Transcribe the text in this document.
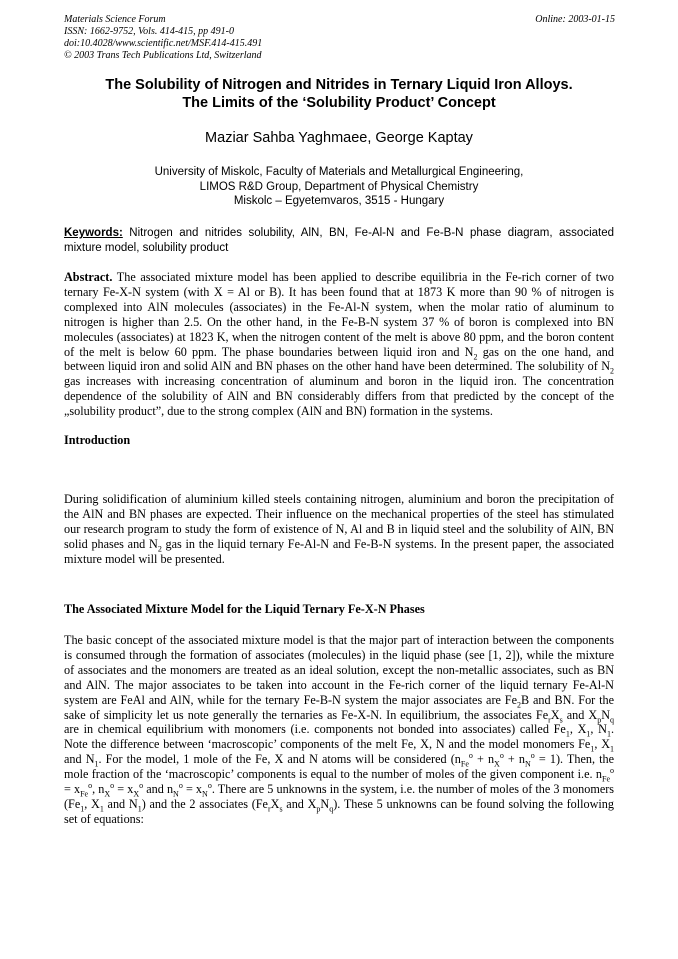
Materials Science Forum
ISSN: 1662-9752, Vols. 414-415, pp 491-0
doi:10.4028/www.scientific.net/MSF.414-415.491
© 2003 Trans Tech Publications Ltd, Switzerland
Online: 2003-01-15
The Solubility of Nitrogen and Nitrides in Ternary Liquid Iron Alloys.
The Limits of the ‘Solubility Product’ Concept
Maziar Sahba Yaghmaee, George Kaptay
University of Miskolc, Faculty of Materials and Metallurgical Engineering,
LIMOS R&D Group, Department of Physical Chemistry
Miskolc – Egyetemvaros, 3515 - Hungary
Keywords: Nitrogen and nitrides solubility, AlN, BN, Fe-Al-N and Fe-B-N phase diagram, associated mixture model, solubility product
Abstract. The associated mixture model has been applied to describe equilibria in the Fe-rich corner of two ternary Fe-X-N system (with X = Al or B). It has been found that at 1873 K more than 90 % of nitrogen is complexed into AlN molecules (associates) in the Fe-Al-N system, when the molar ratio of aluminum to nitrogen is higher than 2.5. On the other hand, in the Fe-B-N system 37 % of boron is complexed into BN molecules (associates) at 1823 K, when the nitrogen content of the melt is above 80 ppm, and the boron content of the melt is below 60 ppm. The phase boundaries between liquid iron and $N_2$ gas on the one hand, and between liquid iron and solid AlN and BN phases on the other hand have been determined. The solubility of $N_2$ gas increases with increasing concentration of aluminum and boron in the liquid iron. The concentration dependence of the solubility of AlN and BN considerably differs from that predicted by the concept of the „solubility product”, due to the strong complex (AlN and BN) formation in the systems.
Introduction
During solidification of aluminium killed steels containing nitrogen, aluminium and boron the precipitation of the AlN and BN phases are expected. Their influence on the mechanical properties of the steel has stimulated our research program to study the form of existence of N, Al and B in liquid steel and the solubility of AlN, BN solid phases and $N_2$ gas in the liquid ternary Fe-Al-N and Fe-B-N systems. In the present paper, the associated mixture model will be presented.
The Associated Mixture Model for the Liquid Ternary Fe-X-N Phases
The basic concept of the associated mixture model is that the major part of interaction between the components is consumed through the formation of associates (molecules) in the liquid phase (see [1, 2]), while the mixture of associates and the monomers are treated as an ideal solution, except the non-metallic associates, such as BN and AlN. The major associates to be taken into account in the Fe-rich corner of the liquid ternary Fe-Al-N system are FeAl and AlN, while for the ternary Fe-B-N system the major associates are $Fe_2B$ and BN. For the sake of simplicity let us note generally the ternaries as Fe-X-N. In equilibrium, the associates $Fe_rX_s$ and $X_pN_q$ are in chemical equilibrium with monomers (i.e. components not bonded into associates) called $Fe_1$, $X_1$, $N_1$. Note the difference between ‘macroscopic’ components of the melt Fe, X, N and the model monomers $Fe_1$, $X_1$ and $N_1$. For the model, 1 mole of the Fe, X and N atoms will be considered $(n_{Fe}^o + n_X^o + n_N^o = 1)$. Then, the mole fraction of the ‘macroscopic’ components is equal to the number of moles of the given component i.e. $n_{Fe}^o = x_{Fe}^o$, $n_X^o = x_X^o$ and $n_N^o = x_N^o$. There are 5 unknowns in the system, i.e. the number of moles of the 3 monomers ($Fe_1$, $X_1$ and $N_1$) and the 2 associates ($Fe_rX_s$ and $X_pN_q$). These 5 unknowns can be found solving the following set of equations:
